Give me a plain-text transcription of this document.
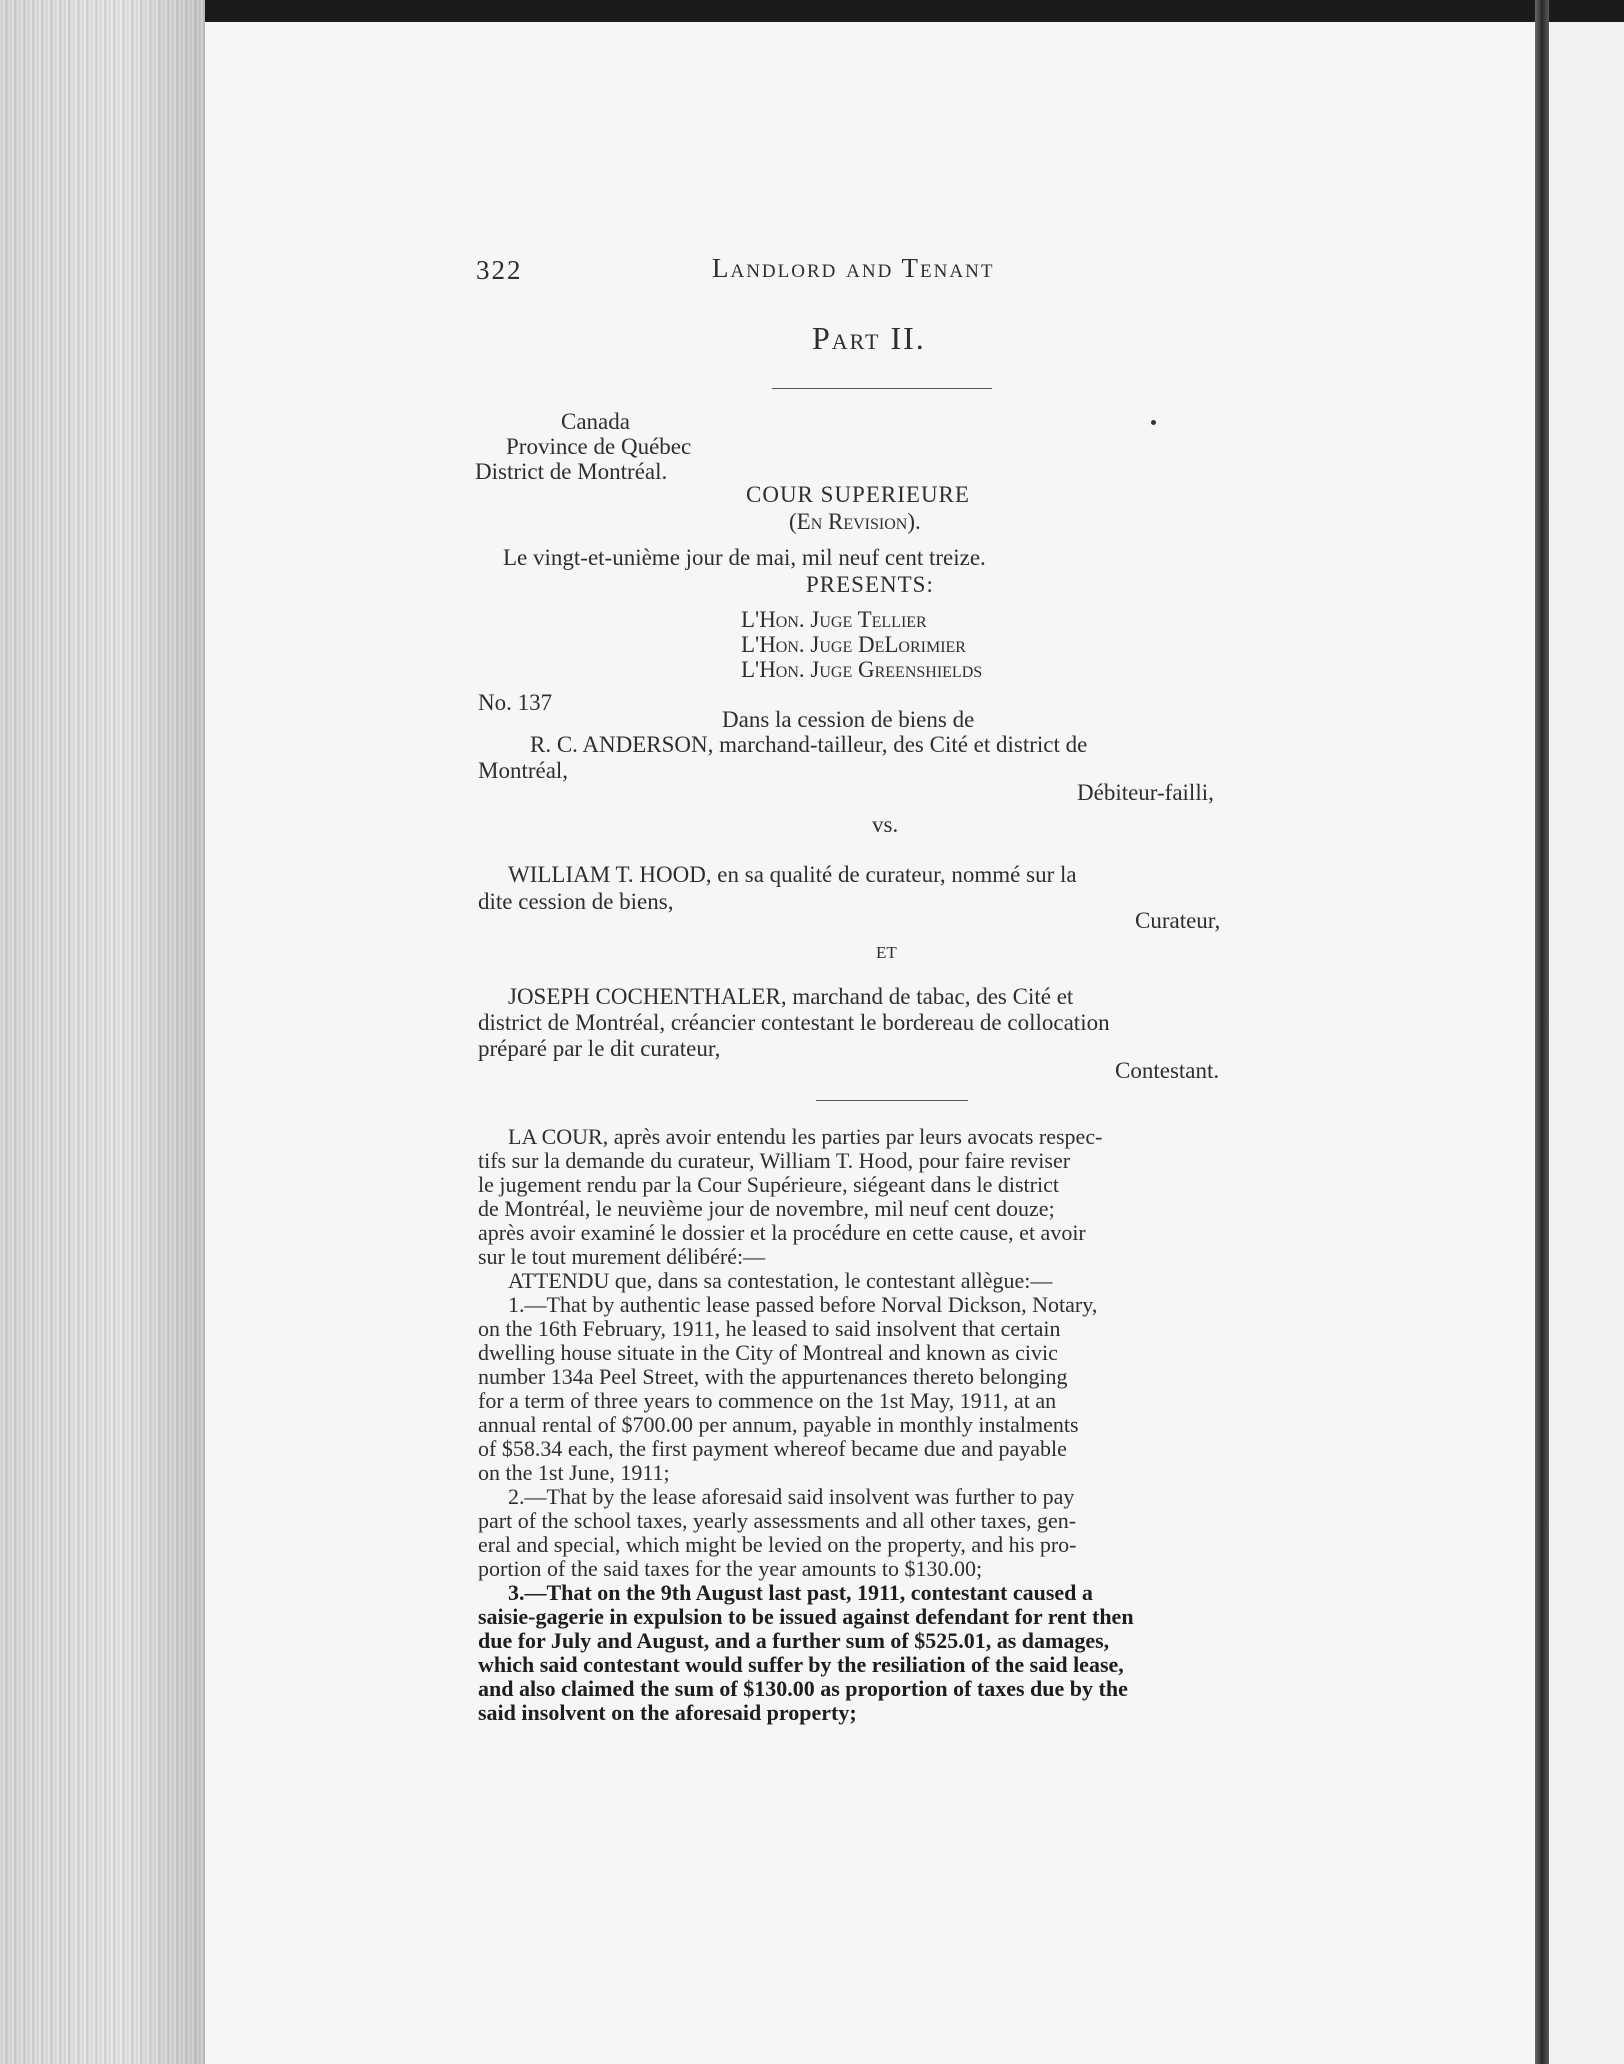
322	Landlord and Tenant
Part II.
Canada
Province de Québec
District de Montréal.
COUR SUPERIEURE
(En Revision).
Le vingt-et-unième jour de mai, mil neuf cent treize.
PRESENTS:
L'Hon. Juge Tellier
L'Hon. Juge DeLorimier
L'Hon. Juge Greenshields
No. 137
Dans la cession de biens de
R. C. ANDERSON, marchand-tailleur, des Cité et district de
Montréal,
Débiteur-failli,
vs.
WILLIAM T. HOOD, en sa qualité de curateur, nommé sur la
dite cession de biens,
Curateur,
ET
JOSEPH COCHENTHALER, marchand de tabac, des Cité et
district de Montréal, créancier contestant le bordereau de collocation
préparé par le dit curateur,
Contestant.
LA COUR, après avoir entendu les parties par leurs avocats respec-
tifs sur la demande du curateur, William T. Hood, pour faire reviser
le jugement rendu par la Cour Supérieure, siégeant dans le district
de Montréal, le neuvième jour de novembre, mil neuf cent douze;
après avoir examiné le dossier et la procédure en cette cause, et avoir
sur le tout murement délibéré:—
ATTENDU que, dans sa contestation, le contestant allègue:—
1.—That by authentic lease passed before Norval Dickson, Notary,
on the 16th February, 1911, he leased to said insolvent that certain
dwelling house situate in the City of Montreal and known as civic
number 134a Peel Street, with the appurtenances thereto belonging
for a term of three years to commence on the 1st May, 1911, at an
annual rental of $700.00 per annum, payable in monthly instalments
of $58.34 each, the first payment whereof became due and payable
on the 1st June, 1911;
2.—That by the lease aforesaid said insolvent was further to pay
part of the school taxes, yearly assessments and all other taxes, gen-
eral and special, which might be levied on the property, and his pro-
portion of the said taxes for the year amounts to $130.00;
3.—That on the 9th August last past, 1911, contestant caused a
saisie-gagerie in expulsion to be issued against defendant for rent then
due for July and August, and a further sum of $525.01, as damages,
which said contestant would suffer by the resiliation of the said lease,
and also claimed the sum of $130.00 as proportion of taxes due by the
said insolvent on the aforesaid property;
